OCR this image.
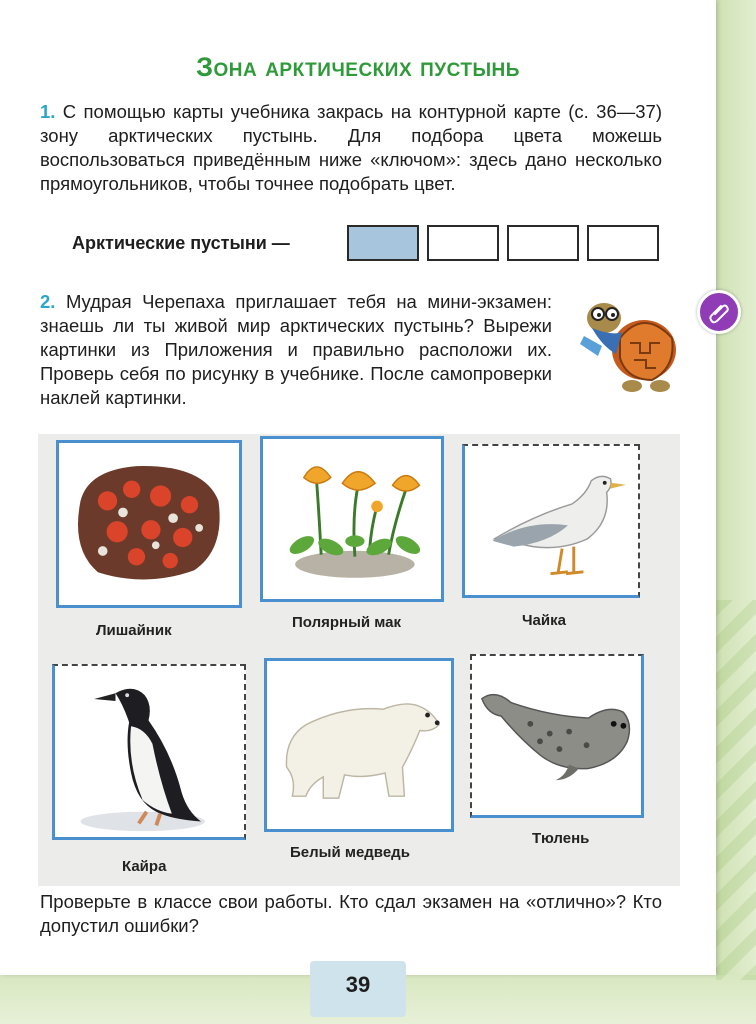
Зона арктических пустынь

1. С помощью карты учебника закрась на контурной карте (с. 36—37) зону арктических пустынь. Для подбора цвета можешь воспользоваться приведённым ниже «ключом»: здесь дано несколько прямоугольников, чтобы точнее подобрать цвет.

Арктические пустыни —

2. Мудрая Черепаха приглашает тебя на мини-экзамен: знаешь ли ты живой мир арктических пустынь? Вырежи картинки из Приложения и правильно расположи их. Проверь себя по рисунку в учебнике. После самопроверки наклей картинки.

Лишайник	Полярный мак	Чайка
Кайра
Белый медведь
Тюлень

Проверьте в классе свои работы. Кто сдал экзамен на «отлично»? Кто допустил ошибки?

39
